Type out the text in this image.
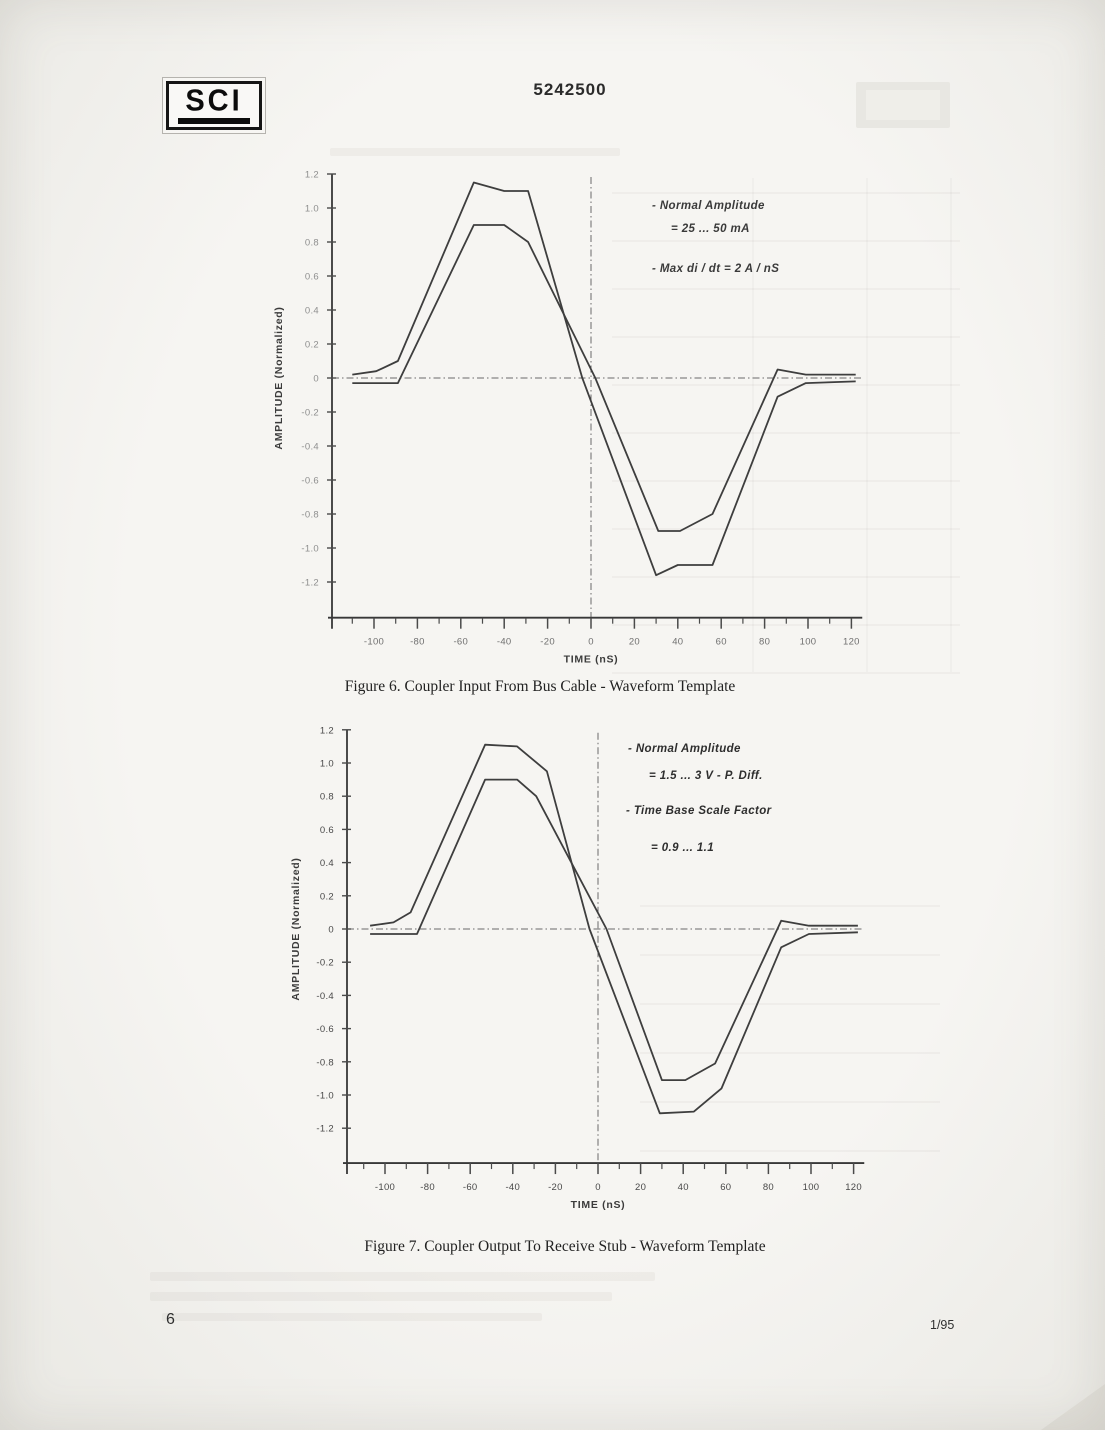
SCI	5242500
1.2
1.0
0.8
0.6
0.4
0.2
0
-0.2
-0.4
-0.6
-0.8
-1.0
-1.2
-100	-80	-60	-40	-20	0	20	40	60	80	100	120
TIME (nS)
AMPLITUDE (Normalized)
- Normal Amplitude
= 25 ... 50 mA
- Max di / dt = 2 A / nS
Figure 6. Coupler Input From Bus Cable - Waveform Template
1.2
1.0
0.8
0.6
0.4
0.2
0
-0.2
-0.4
-0.6
-0.8
-1.0
-1.2
-100	-80	-60	-40	-20	0	20	40	60	80	100	120
TIME (nS)
AMPLITUDE (Normalized)
- Normal Amplitude
= 1.5 ... 3 V - P. Diff.
- Time Base Scale Factor
= 0.9 ... 1.1
Figure 7. Coupler Output To Receive Stub - Waveform Template
6	1/95
